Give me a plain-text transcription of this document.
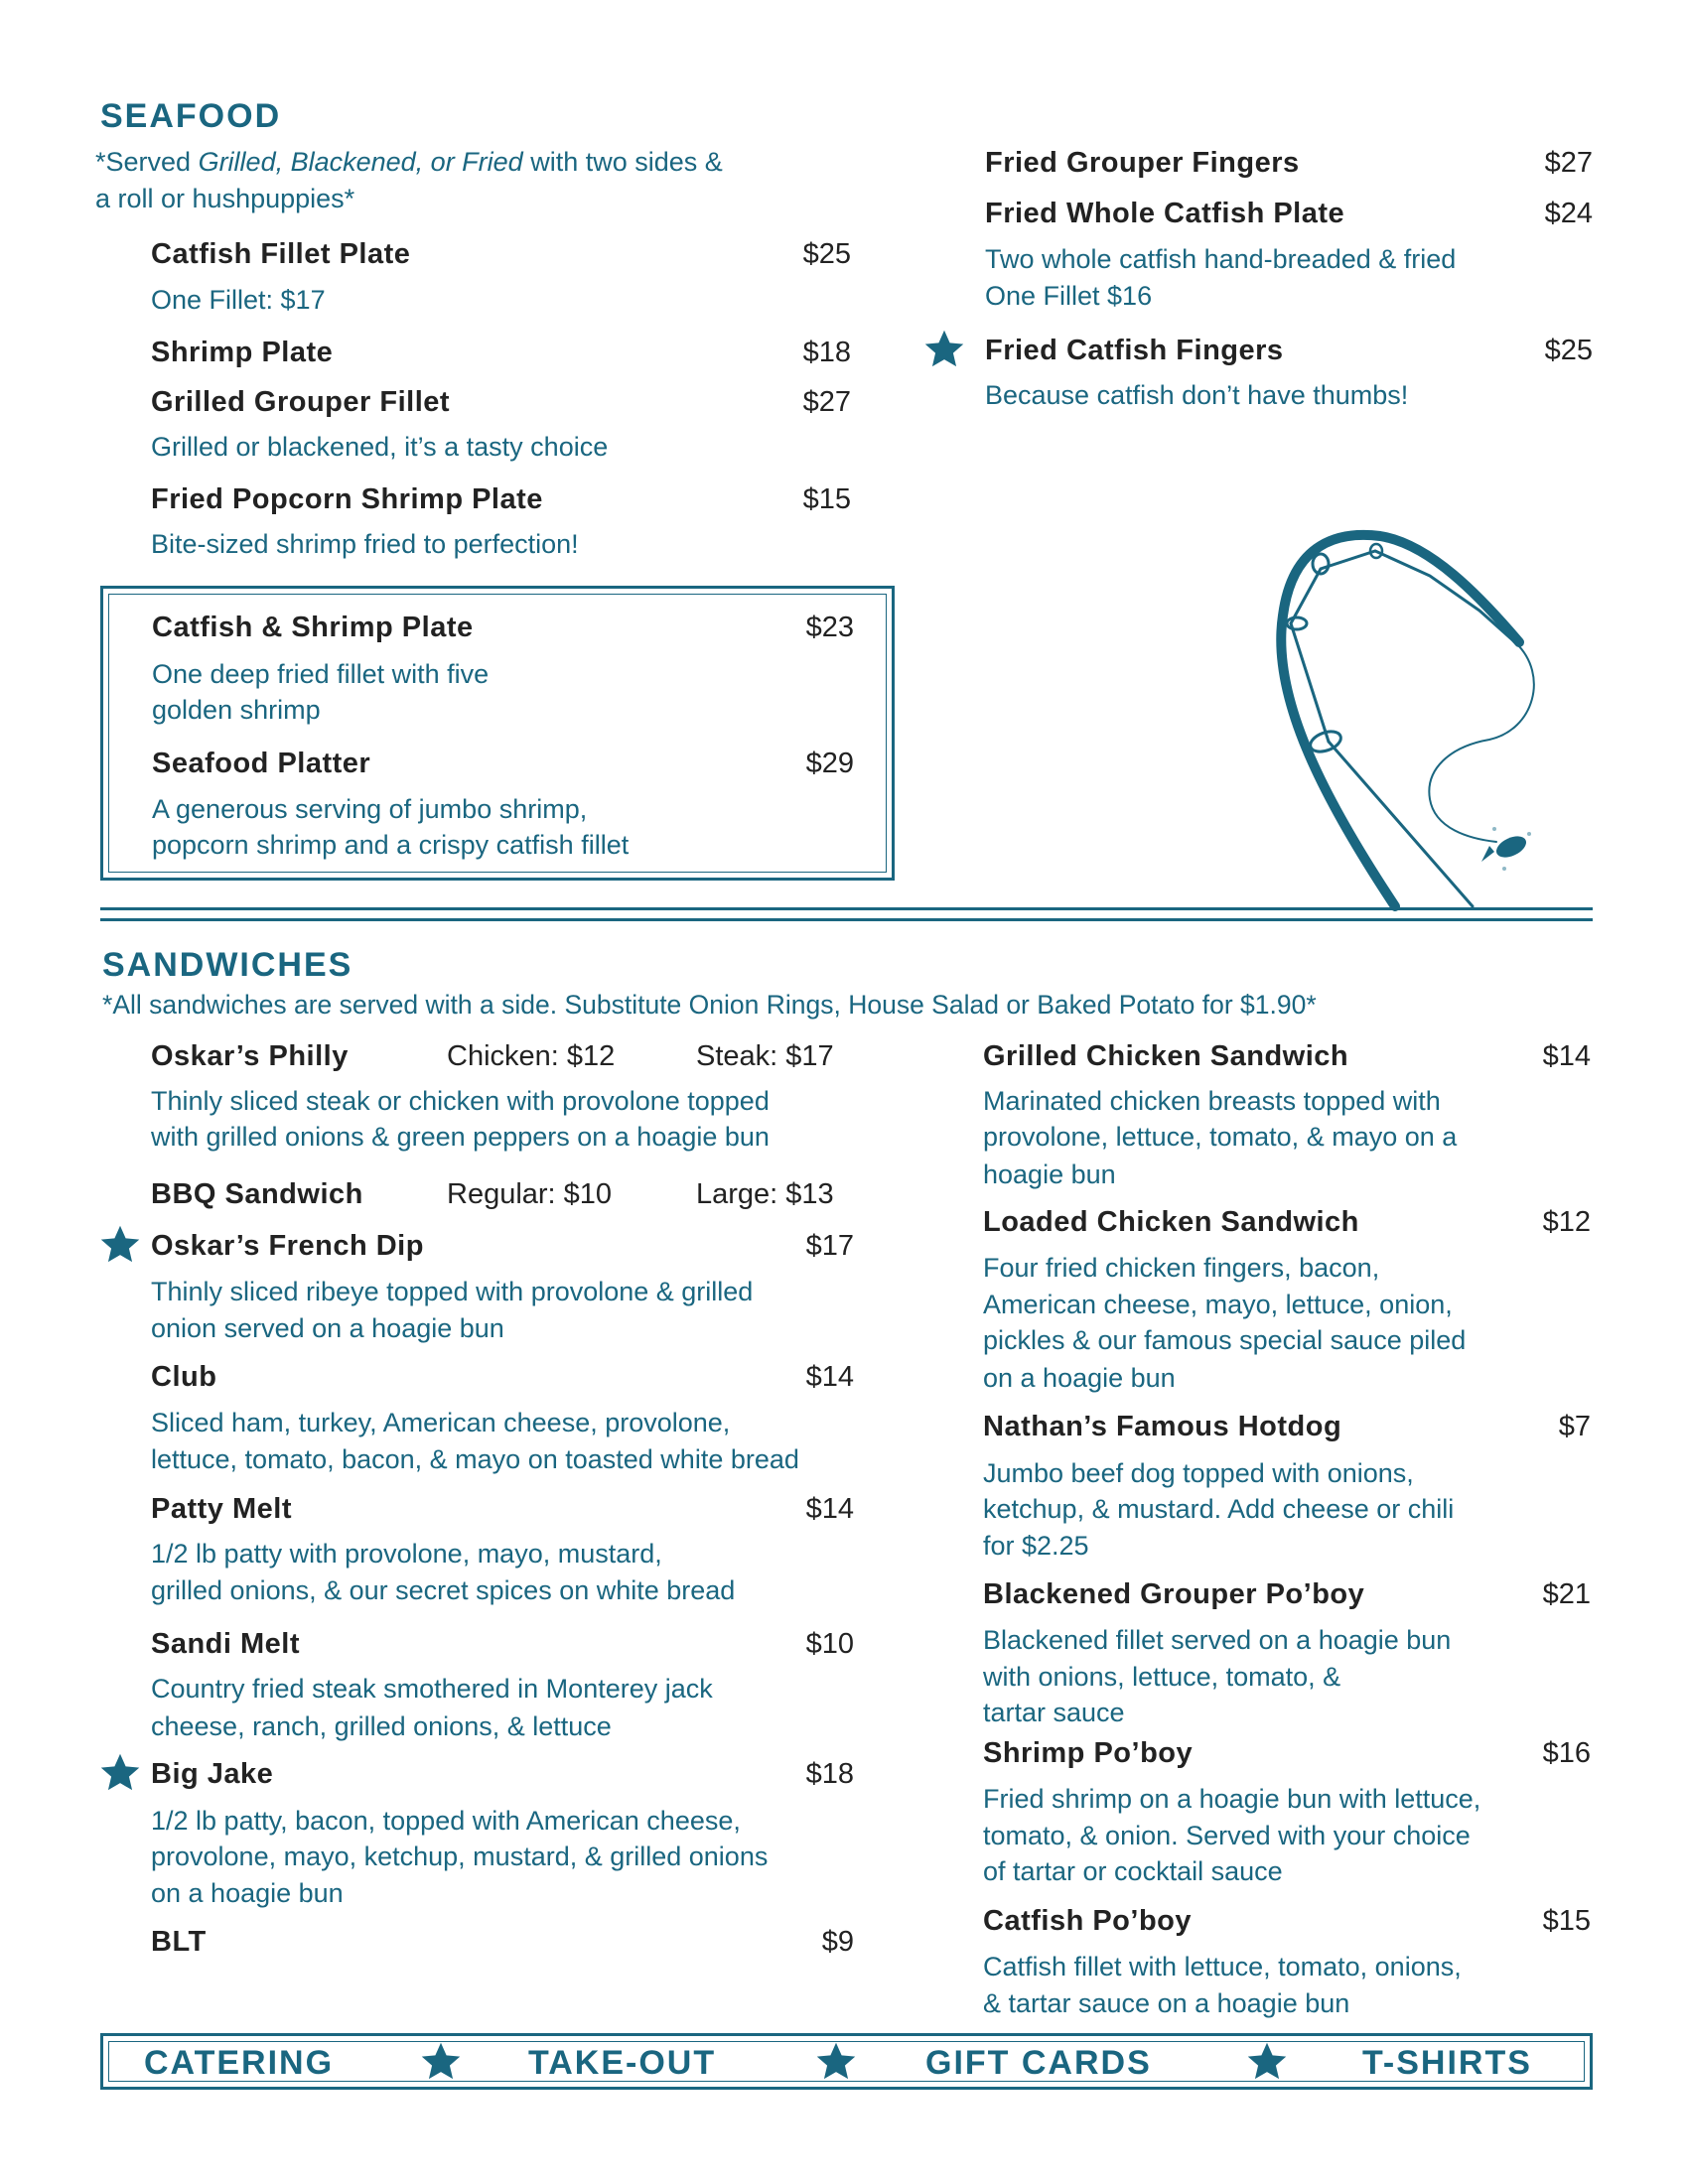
SEAFOOD
*Served Grilled, Blackened, or Fried with two sides &
a roll or hushpuppies*
SANDWICHES
*All sandwiches are served with a side. Substitute Onion Rings, House Salad or Baked Potato for $1.90*
CATERING	TAKE-OUT	GIFT CARDS	T-SHIRTS
Catfish Fillet Plate	$25
One Fillet: $17
Shrimp Plate	$18
Grilled Grouper Fillet	$27
Grilled or blackened, it’s a tasty choice
Fried Popcorn Shrimp Plate	$15
Bite-sized shrimp fried to perfection!
Catfish & Shrimp Plate	$23
One deep fried fillet with five
golden shrimp
Seafood Platter	$29
A generous serving of jumbo shrimp,
popcorn shrimp and a crispy catfish fillet
Fried Grouper Fingers	$27
Fried Whole Catfish Plate	$24
Two whole catfish hand-breaded & fried
One Fillet $16
Fried Catfish Fingers	$25
Because catfish don’t have thumbs!
Oskar’s Philly	Chicken: $12	Steak: $17
Thinly sliced steak or chicken with provolone topped
with grilled onions & green peppers on a hoagie bun
BBQ Sandwich	Regular: $10	Large: $13
Oskar’s French Dip	$17
Thinly sliced ribeye topped with provolone & grilled
onion served on a hoagie bun
Club	$14
Sliced ham, turkey, American cheese, provolone,
lettuce, tomato, bacon, & mayo on toasted white bread
Patty Melt	$14
1/2 lb patty with provolone, mayo, mustard,
grilled onions, & our secret spices on white bread
Sandi Melt	$10
Country fried steak smothered in Monterey jack
cheese, ranch, grilled onions, & lettuce
Big Jake	$18
1/2 lb patty, bacon, topped with American cheese,
provolone, mayo, ketchup, mustard, & grilled onions
on a hoagie bun
BLT	$9
Grilled Chicken Sandwich	$14
Marinated chicken breasts topped with
provolone, lettuce, tomato, & mayo on a
hoagie bun
Loaded Chicken Sandwich	$12
Four fried chicken fingers, bacon,
American cheese, mayo, lettuce, onion,
pickles & our famous special sauce piled
on a hoagie bun
Nathan’s Famous Hotdog	$7
Jumbo beef dog topped with onions,
ketchup, & mustard. Add cheese or chili
for $2.25
Blackened Grouper Po’boy	$21
Blackened fillet served on a hoagie bun
with onions, lettuce, tomato, &
tartar sauce
Shrimp Po’boy	$16
Fried shrimp on a hoagie bun with lettuce,
tomato, & onion. Served with your choice
of tartar or cocktail sauce
Catfish Po’boy	$15
Catfish fillet with lettuce, tomato, onions,
& tartar sauce on a hoagie bun
